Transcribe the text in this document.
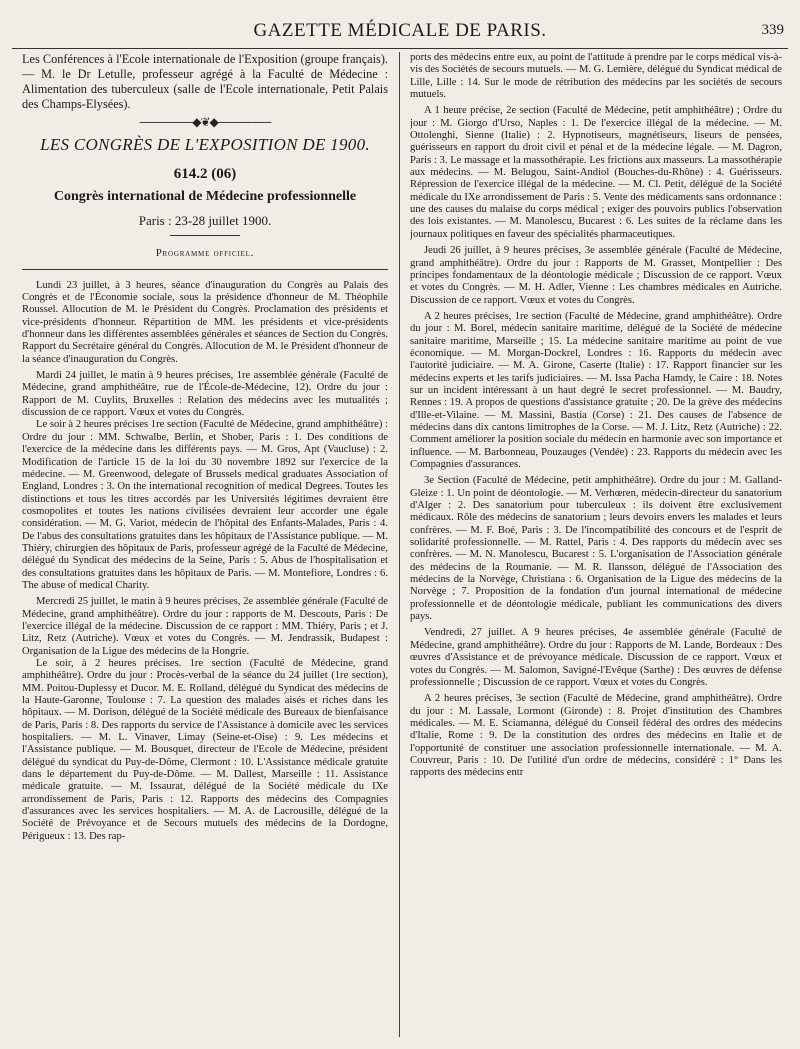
GAZETTE MÉDICALE DE PARIS.	339

Les Conférences à l'Ecole internationale de l'Exposition (groupe français). — M. le Dr Letulle, professeur agrégé à la Faculté de Médecine : Alimentation des tuberculeux (salle de l'Ecole internationale, Petit Palais des Champs-Elysées).

───────◆❦◆───────
LES CONGRÈS DE L'EXPOSITION DE 1900.
614.2 (06)
Congrès international de Médecine professionnelle
Paris : 23-28 juillet 1900.
Programme officiel.

Lundi 23 juillet, à 3 heures, séance d'inauguration du Congrès au Palais des Congrès et de l'Économie sociale, sous la présidence d'honneur de M. Théophile Roussel. Allocution de M. le Président du Congrès. Proclamation des présidents et vice-présidents d'honneur. Répartition de MM. les présidents et vice-présidents d'honneur dans les différentes assemblées générales et séances de Section du Congrès. Rapport du Secrétaire général du Congrès. Allocution de M. le Président d'honneur de la séance d'inauguration du Congrès.

Mardi 24 juillet, le matin à 9 heures précises, 1re assemblée générale (Faculté de Médecine, grand amphithéâtre, rue de l'École-de-Médecine, 12). Ordre du jour : Rapport de M. Cuylits, Bruxelles : Relation des médecins avec les mutualités ; discussion de ce rapport. Vœux et votes du Congrès.

Le soir à 2 heures précises 1re section (Faculté de Médecine, grand amphithéâtre) : Ordre du jour : MM. Schwalbe, Berlin, et Shober, Paris : 1. Des conditions de l'exercice de la médecine dans les différents pays. — M. Gros, Apt (Vaucluse) : 2. Modification de l'article 15 de la loi du 30 novembre 1892 sur l'exercice de la médecine. — M. Greenwood, delegate of Brussels medical graduates Association of England, Londres : 3. On the international recognition of medical Degrees. Toutes les distinctions et tous les titres accordés par les Universités légitimes devraient être cosmopolites et toutes les nations civilisées devraient leur accorder une égale considération. — M. G. Variot, médecin de l'hôpital des Enfants-Malades, Paris : 4. De l'abus des consultations gratuites dans les hôpitaux de l'Assistance publique. — M. Thiéry, chirurgien des hôpitaux de Paris, professeur agrégé de la Faculté de Médecine, délégué du Syndicat des médecins de la Seine, Paris : 5. Abus de l'hospitalisation et des consultations gratuites dans les hôpitaux de Paris. — M. Montefiore, Londres : 6. The abuse of medical Charity.

Mercredi 25 juillet, le matin à 9 heures précises, 2e assemblée générale (Faculté de Médecine, grand amphithéâtre). Ordre du jour : rapports de M. Descouts, Paris : De l'exercice illégal de la médecine. Discussion de ce rapport : MM. Thiéry, Paris ; et J. Litz, Retz (Autriche). Vœux et votes du Congrès. — M. Jendrassik, Budapest : Organisation de la Ligue des médecins de la Hongrie.

Le soir, à 2 heures précises. 1re section (Faculté de Médecine, grand amphithéâtre). Ordre du jour : Procès-verbal de la séance du 24 juillet (1re section), MM. Poitou-Duplessy et Ducor. M. E. Rolland, délégué du Syndicat des médecins de la Haute-Garonne, Toulouse : 7. La question des malades aisés et riches dans les hôpitaux. — M. Dorison, délégué de la Société médicale des Bureaux de bienfaisance de Paris, Paris : 8. Des rapports du service de l'Assistance à domicile avec les services hospitaliers. — M. L. Vinaver, Limay (Seine-et-Oise) : 9. Les médecins et l'Assistance publique. — M. Bousquet, directeur de l'Ecole de Médecine, président délégué du syndicat du Puy-de-Dôme, Clermont : 10. L'Assistance médicale gratuite dans le département du Puy-de-Dôme. — M. Dallest, Marseille : 11. Assistance médicale gratuite. — M. Issaurat, délégué de la Société médicale du IXe arrondissement de Paris, Paris : 12. Rapports des médecins des Compagnies d'assurances avec les services hospitaliers. — M. A. de Lacrousille, délégué de la Société de Prévoyance et de Secours mutuels des médecins de la Dordogne, Périgueux : 13. Des rap-

ports des médecins entre eux, au point de l'attitude à prendre par le corps médical vis-à-vis des Sociétés de secours mutuels. — M. G. Lemière, délégué du Syndicat médical de Lille, Lille : 14. Sur le mode de rétribution des médecins par les sociétés de secours mutuels.

A 1 heure précise, 2e section (Faculté de Médecine, petit amphithéâtre) ; Ordre du jour : M. Giorgo d'Urso, Naples : 1. De l'exercice illégal de la médecine. — M. Ottolenghi, Sienne (Italie) : 2. Hypnotiseurs, magnétiseurs, liseurs de pensées, guérisseurs en rapport du droit civil et pénal et de la médecine légale. — M. Dagron, Paris : 3. Le massage et la massothérapie. Les frictions aux masseurs. La massothérapie aux médecins. — M. Belugou, Saint-Andiol (Bouches-du-Rhône) : 4. Guérisseurs. Répression de l'exercice illégal de la médecine. — M. Cl. Petit, délégué de la Société médicale du IXe arrondissement de Paris : 5. Vente des médicaments sans ordonnance : une des causes du malaise du corps médical ; exiger des pouvoirs publics l'observation des lois existantes. — M. Manolescu, Bucarest : 6. Les suites de la réclame dans les journaux politiques en faveur des spécialités pharmaceutiques.

Jeudi 26 juillet, à 9 heures précises, 3e assemblée générale (Faculté de Médecine, grand amphithéâtre). Ordre du jour : Rapports de M. Grasset, Montpellier : Des principes fondamentaux de la déontologie médicale ; Discussion de ce rapport. Vœux et votes du Congrès. — M. H. Adler, Vienne : Les chambres médicales en Autriche. Discussion de ce rapport. Vœux et votes du Congrès.

A 2 heures précises, 1re section (Faculté de Médecine, grand amphithéâtre). Ordre du jour : M. Borel, médecin sanitaire maritime, délégué de la Société de médecine sanitaire maritime, Marseille ; 15. La médecine sanitaire maritime au point de vue économique. — M. Morgan-Dockrel, Londres : 16. Rapports du médecin avec l'autorité judiciaire. — M. A. Girone, Caserte (Italie) : 17. Rapport financier sur les médecins experts et les tarifs judiciaires. — M. Issa Pacha Hamdy, le Caire : 18. Notes sur un incident intéressant à un haut degré le secret professionnel. — M. Baudry, Rennes : 19. A propos de questions d'assistance gratuite ; 20. De la grève des médecins d'Ille-et-Vilaine. — M. Massini, Bastia (Corse) : 21. Des causes de l'absence de médecins dans dix cantons limitrophes de la Corse. — M. J. Litz, Retz (Autriche) : 22. Comment améliorer la position sociale du médecin en harmonie avec son importance et influence. — M. Barbonneau, Pouzauges (Vendée) : 23. Rapports du médecin avec les Compagnies d'assurances.

3e Section (Faculté de Médecine, petit amphithéâtre). Ordre du jour : M. Galland-Gleize : 1. Un point de déontologie. — M. Verhœren, médecin-directeur du sanatorium d'Alger : 2. Des sanatorium pour tuberculeux : ils doivent être exclusivement médicaux. Rôle des médecins de sanatorium ; leurs devoirs envers les malades et leurs confrères. — M. F. Boé, Paris : 3. De l'incompatibilité des concours et de l'esprit de solidarité professionnelle. — M. Rattel, Paris : 4. Des rapports du médecin avec ses confrères. — M. N. Manolescu, Bucarest : 5. L'organisation de l'Association générale des médecins de la Roumanie. — M. R. Ilansson, délégué de l'Association des médecins de la Norvège, Christiana : 6. Organisation de la Ligue des médecins de la Norvège ; 7. Proposition de la fondation d'un journal international de médecine professionnelle et de déontologie médicale, publiant les communications des divers pays.

Vendredi, 27 juillet. A 9 heures précises, 4e assemblée générale (Faculté de Médecine, grand amphithéâtre). Ordre du jour : Rapports de M. Lande, Bordeaux : Des œuvres d'Assistance et de prévoyance médicale. Discussion de ce rapport. Vœux et votes du Congrès. — M. Salomon, Savigné-l'Evêque (Sarthe) : Des œuvres de défense professionnelle ; Discussion de ce rapport. Vœux et votes du Congrès.

A 2 heures précises, 3e section (Faculté de Médecine, grand amphithéâtre). Ordre du jour : M. Lassale, Lormont (Gironde) : 8. Projet d'institution des Chambres médicales. — M. E. Sciamanna, délégué du Conseil fédéral des ordres des médecins d'Italie, Rome : 9. De la constitution des ordres des médecins en Italie et de l'opportunité de constituer une association professionnelle internationale. — M. A. Couvreur, Paris : 10. De l'utilité d'un ordre de médecins, considéré : 1° Dans les rapports des médecins entr
